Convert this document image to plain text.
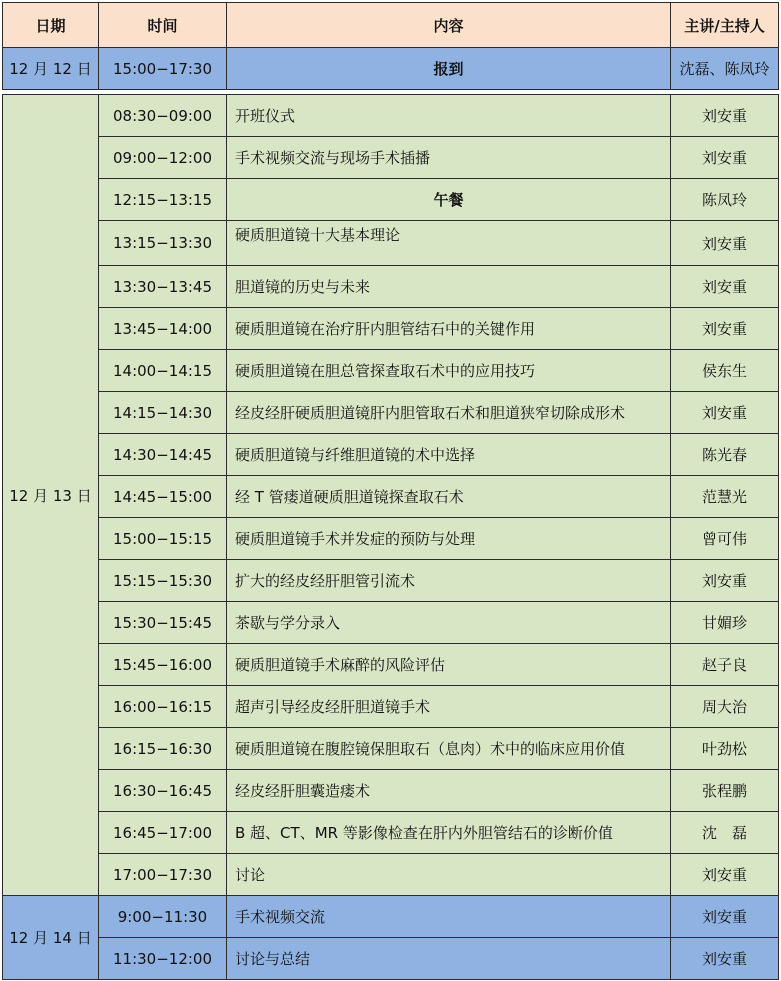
日期	时间	内容	主讲/主持人
12 月 12 日	15:00−17:30	报到	沈磊、陈凤玲

12 月 13 日	08:30−09:00	开班仪式	刘安重
	09:00−12:00	手术视频交流与现场手术插播	刘安重
	12:15−13:15	午餐	陈凤玲
	13:15−13:30	硬质胆道镜十大基本理论	刘安重
	13:30−13:45	胆道镜的历史与未来	刘安重
	13:45−14:00	硬质胆道镜在治疗肝内胆管结石中的关键作用	刘安重
	14:00−14:15	硬质胆道镜在胆总管探查取石术中的应用技巧	侯东生
	14:15−14:30	经皮经肝硬质胆道镜肝内胆管取石术和胆道狭窄切除成形术	刘安重
	14:30−14:45	硬质胆道镜与纤维胆道镜的术中选择	陈光春
	14:45−15:00	经 T 管瘘道硬质胆道镜探查取石术	范慧光
	15:00−15:15	硬质胆道镜手术并发症的预防与处理	曾可伟
	15:15−15:30	扩大的经皮经肝胆管引流术	刘安重
	15:30−15:45	茶歇与学分录入	甘媚珍
	15:45−16:00	硬质胆道镜手术麻醉的风险评估	赵子良
	16:00−16:15	超声引导经皮经肝胆道镜手术	周大治
	16:15−16:30	硬质胆道镜在腹腔镜保胆取石（息肉）术中的临床应用价值	叶劲松
	16:30−16:45	经皮经肝胆囊造瘘术	张程鹏
	16:45−17:00	B 超、CT、MR 等影像检查在肝内外胆管结石的诊断价值	沈　磊
	17:00−17:30	讨论	刘安重
12 月 14 日	9:00−11:30	手术视频交流	刘安重
	11:30−12:00	讨论与总结	刘安重
